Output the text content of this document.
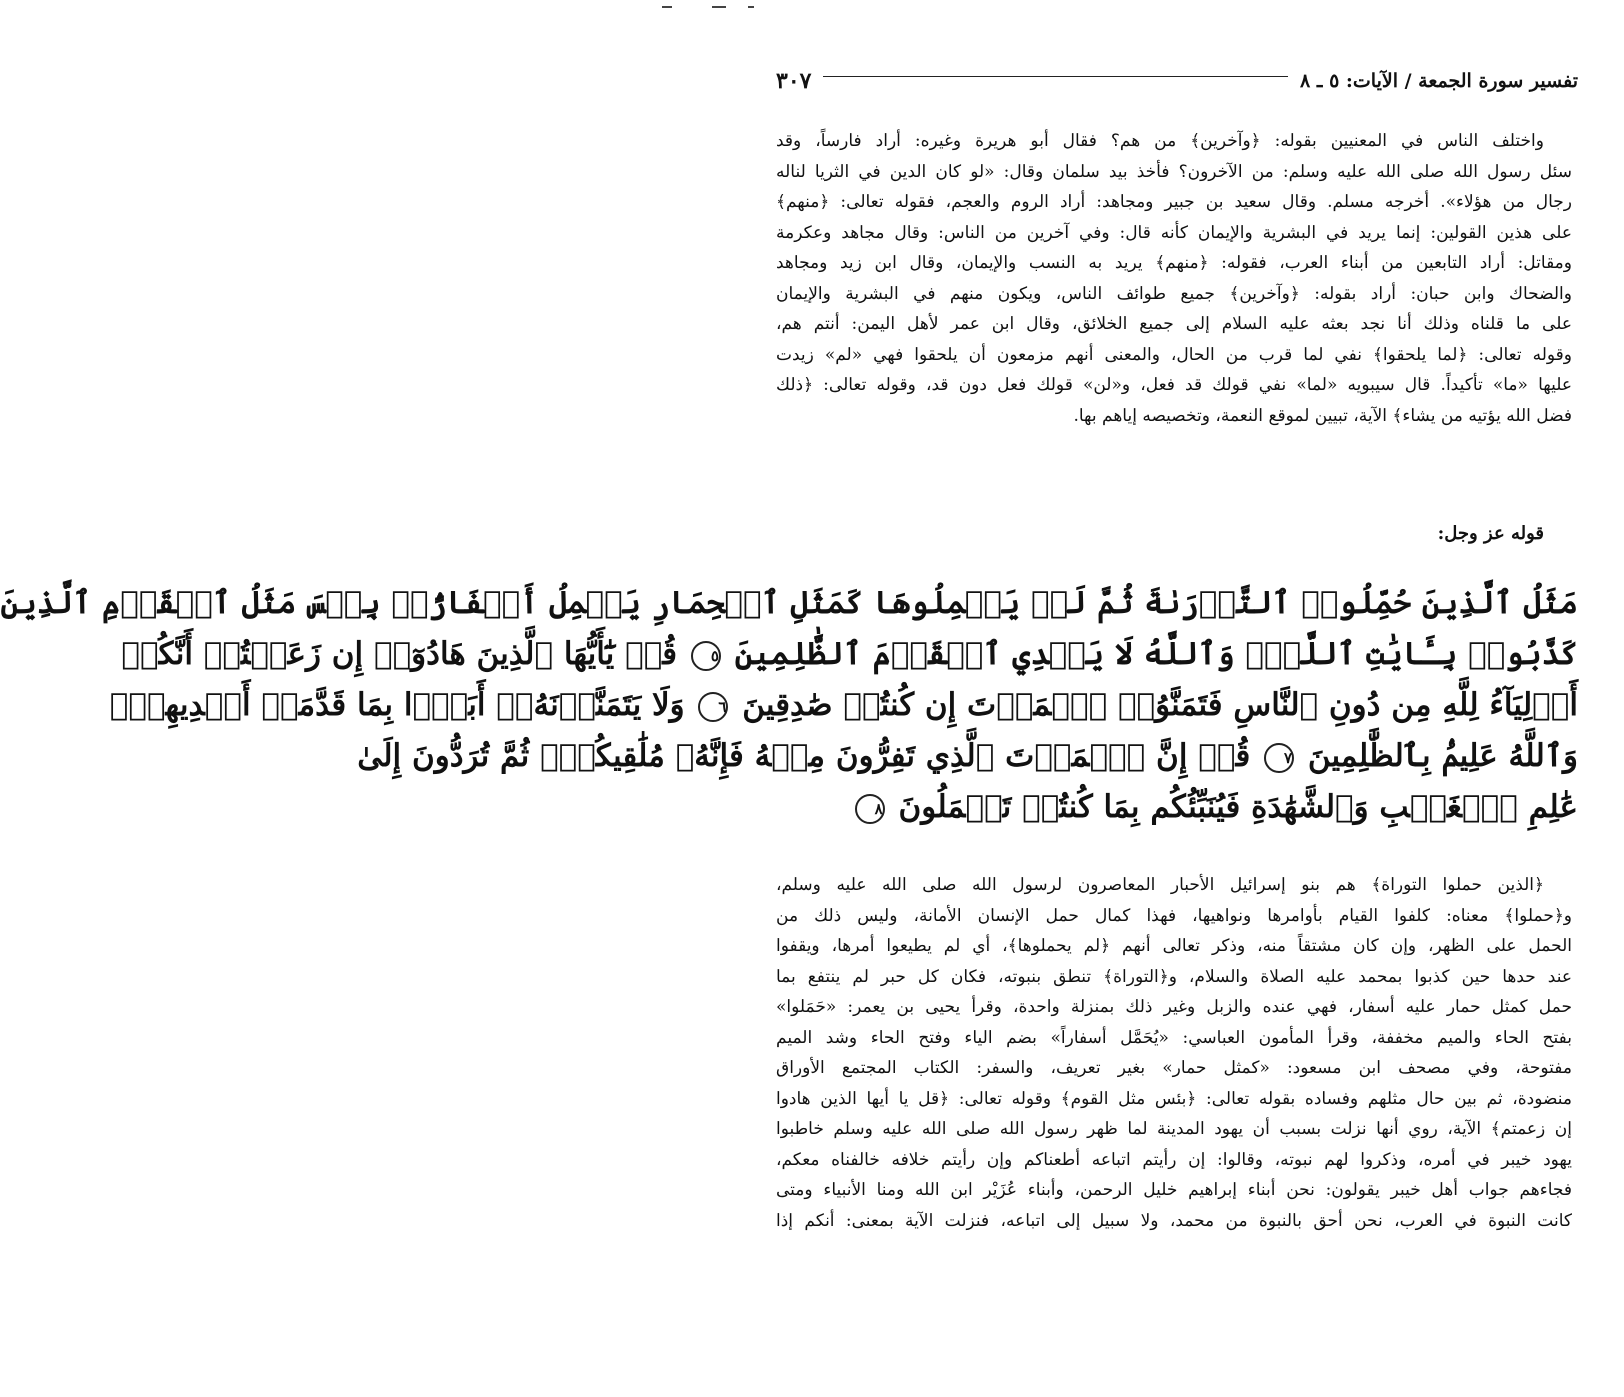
تفسير سورة الجمعة / الآيات: ٥ ـ ٨
٣٠٧
واختلف الناس في المعنيين بقوله: ﴿وآخرين﴾ من هم؟ فقال أبو هريرة وغيره: أراد فارساً، وقد
سئل رسول الله صلى الله عليه وسلم: من الآخرون؟ فأخذ بيد سلمان وقال: «لو كان الدين في الثريا لناله
رجال من هؤلاء». أخرجه مسلم. وقال سعيد بن جبير ومجاهد: أراد الروم والعجم، فقوله تعالى: ﴿منهم﴾
على هذين القولين: إنما يريد في البشرية والإيمان كأنه قال: وفي آخرين من الناس: وقال مجاهد وعكرمة
ومقاتل: أراد التابعين من أبناء العرب، فقوله: ﴿منهم﴾ يريد به النسب والإيمان، وقال ابن زيد ومجاهد
والضحاك وابن حبان: أراد بقوله: ﴿وآخرين﴾ جميع طوائف الناس، ويكون منهم في البشرية والإيمان
على ما قلناه وذلك أنا نجد بعثه عليه السلام إلى جميع الخلائق، وقال ابن عمر لأهل اليمن: أنتم هم،
وقوله تعالى: ﴿لما يلحقوا﴾ نفي لما قرب من الحال، والمعنى أنهم مزمعون أن يلحقوا فهي «لم» زيدت
عليها «ما» تأكيداً. قال سيبويه «لما» نفي قولك قد فعل، و«لن» قولك فعل دون قد، وقوله تعالى: ﴿ذلك
فضل الله يؤتيه من يشاء﴾ الآية، تبيين لموقع النعمة، وتخصيصه إياهم بها.
قوله عز وجل:
مَثَلُ ٱلَّذِينَ حُمِّلُوا۟ ٱلتَّوۡرَىٰةَ ثُمَّ لَمۡ يَحۡمِلُوهَا كَمَثَلِ ٱلۡحِمَارِ يَحۡمِلُ أَسۡفَارًۢاۚ بِئۡسَ مَثَلُ ٱلۡقَوۡمِ ٱلَّذِينَ
كَذَّبُوا۟ بِـَٔايَٰتِ ٱللَّهِۚ وَٱللَّهُ لَا يَهۡدِي ٱلۡقَوۡمَ ٱلظَّٰلِمِينَ ٥ قُلۡ يَٰٓأَيُّهَا ٱلَّذِينَ هَادُوٓا۟ إِن زَعَمۡتُمۡ أَنَّكُمۡ
أَوۡلِيَآءُ لِلَّهِ مِن دُونِ ٱلنَّاسِ فَتَمَنَّوُا۟ ٱلۡمَوۡتَ إِن كُنتُمۡ صَٰدِقِينَ ٦ وَلَا يَتَمَنَّوۡنَهُۥٓ أَبَدَۢا بِمَا قَدَّمَتۡ أَيۡدِيهِمۡۚ
وَٱللَّهُ عَلِيمُۢ بِٱلظَّٰلِمِينَ ٧ قُلۡ إِنَّ ٱلۡمَوۡتَ ٱلَّذِي تَفِرُّونَ مِنۡهُ فَإِنَّهُۥ مُلَٰقِيكُمۡۖ ثُمَّ تُرَدُّونَ إِلَىٰ
عَٰلِمِ ٱلۡغَيۡبِ وَٱلشَّهَٰدَةِ فَيُنَبِّئُكُم بِمَا كُنتُمۡ تَعۡمَلُونَ ٨
﴿الذين حملوا التوراة﴾ هم بنو إسرائيل الأحبار المعاصرون لرسول الله صلى الله عليه وسلم،
و﴿حملوا﴾ معناه: كلفوا القيام بأوامرها ونواهيها، فهذا كمال حمل الإنسان الأمانة، وليس ذلك من
الحمل على الظهر، وإن كان مشتقاً منه، وذكر تعالى أنهم ﴿لم يحملوها﴾، أي لم يطيعوا أمرها، ويقفوا
عند حدها حين كذبوا بمحمد عليه الصلاة والسلام، و﴿التوراة﴾ تنطق بنبوته، فكان كل حبر لم ينتفع بما
حمل كمثل حمار عليه أسفار، فهي عنده والزبل وغير ذلك بمنزلة واحدة، وقرأ يحيى بن يعمر: «حَمَلوا»
بفتح الحاء والميم مخففة، وقرأ المأمون العباسي: «يُحَمَّل أسفاراً» بضم الياء وفتح الحاء وشد الميم
مفتوحة، وفي مصحف ابن مسعود: «كمثل حمار» بغير تعريف، والسفر: الكتاب المجتمع الأوراق
منضودة، ثم بين حال مثلهم وفساده بقوله تعالى: ﴿بئس مثل القوم﴾ وقوله تعالى: ﴿قل يا أيها الذين هادوا
إن زعمتم﴾ الآية، روي أنها نزلت بسبب أن يهود المدينة لما ظهر رسول الله صلى الله عليه وسلم خاطبوا
يهود خيبر في أمره، وذكروا لهم نبوته، وقالوا: إن رأيتم اتباعه أطعناكم وإن رأيتم خلافه خالفناه معكم،
فجاءهم جواب أهل خيبر يقولون: نحن أبناء إبراهيم خليل الرحمن، وأبناء عُزَيْر ابن الله ومنا الأنبياء ومتى
كانت النبوة في العرب، نحن أحق بالنبوة من محمد، ولا سبيل إلى اتباعه، فنزلت الآية بمعنى: أنكم إذا
